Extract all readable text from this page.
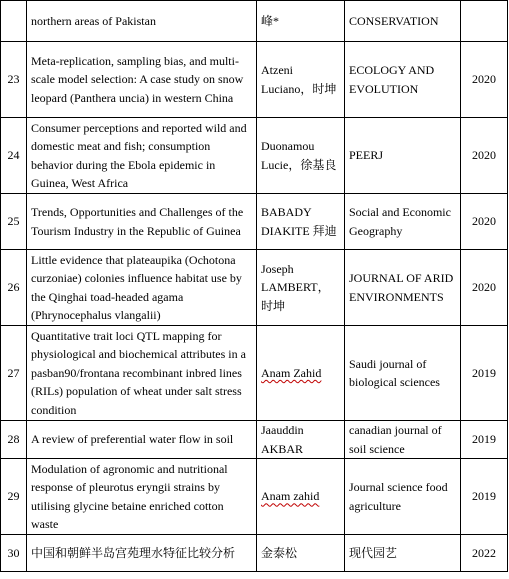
	northern areas of Pakistan	峰*	CONSERVATION	
23	Meta-replication, sampling bias, and multi-scale model selection: A case study on snow leopard (Panthera uncia) in western China	Atzeni Luciano，时坤	ECOLOGY AND EVOLUTION	2020
24	Consumer perceptions and reported wild and domestic meat and fish; consumption behavior during the Ebola epidemic in Guinea, West Africa	Duonamou Lucie，徐基良	PEERJ	2020
25	Trends, Opportunities and Challenges of the Tourism Industry in the Republic of Guinea	BABADY DIAKITE 拜迪	Social and Economic Geography	2020
26	Little evidence that plateaupika (Ochotona curzoniae) colonies influence habitat use by the Qinghai toad-headed agama (Phrynocephalus vlangalii)	Joseph LAMBERT，时坤	JOURNAL OF ARID ENVIRONMENTS	2020
27	Quantitative trait loci QTL mapping for physiological and biochemical attributes in a pasban90/frontana recombinant inbred lines (RILs) population of wheat under salt stress condition	Anam Zahid	Saudi journal of biological sciences	2019
28	A review of preferential water flow in soil	Jaauddin AKBAR	canadian journal of soil science	2019
29	Modulation of agronomic and nutritional response of pleurotus eryngii strains by utilising glycine betaine enriched cotton waste	Anam zahid	Journal science food agriculture	2019
30	中国和朝鲜半岛宫苑理水特征比较分析	金泰松	现代园艺	2022
